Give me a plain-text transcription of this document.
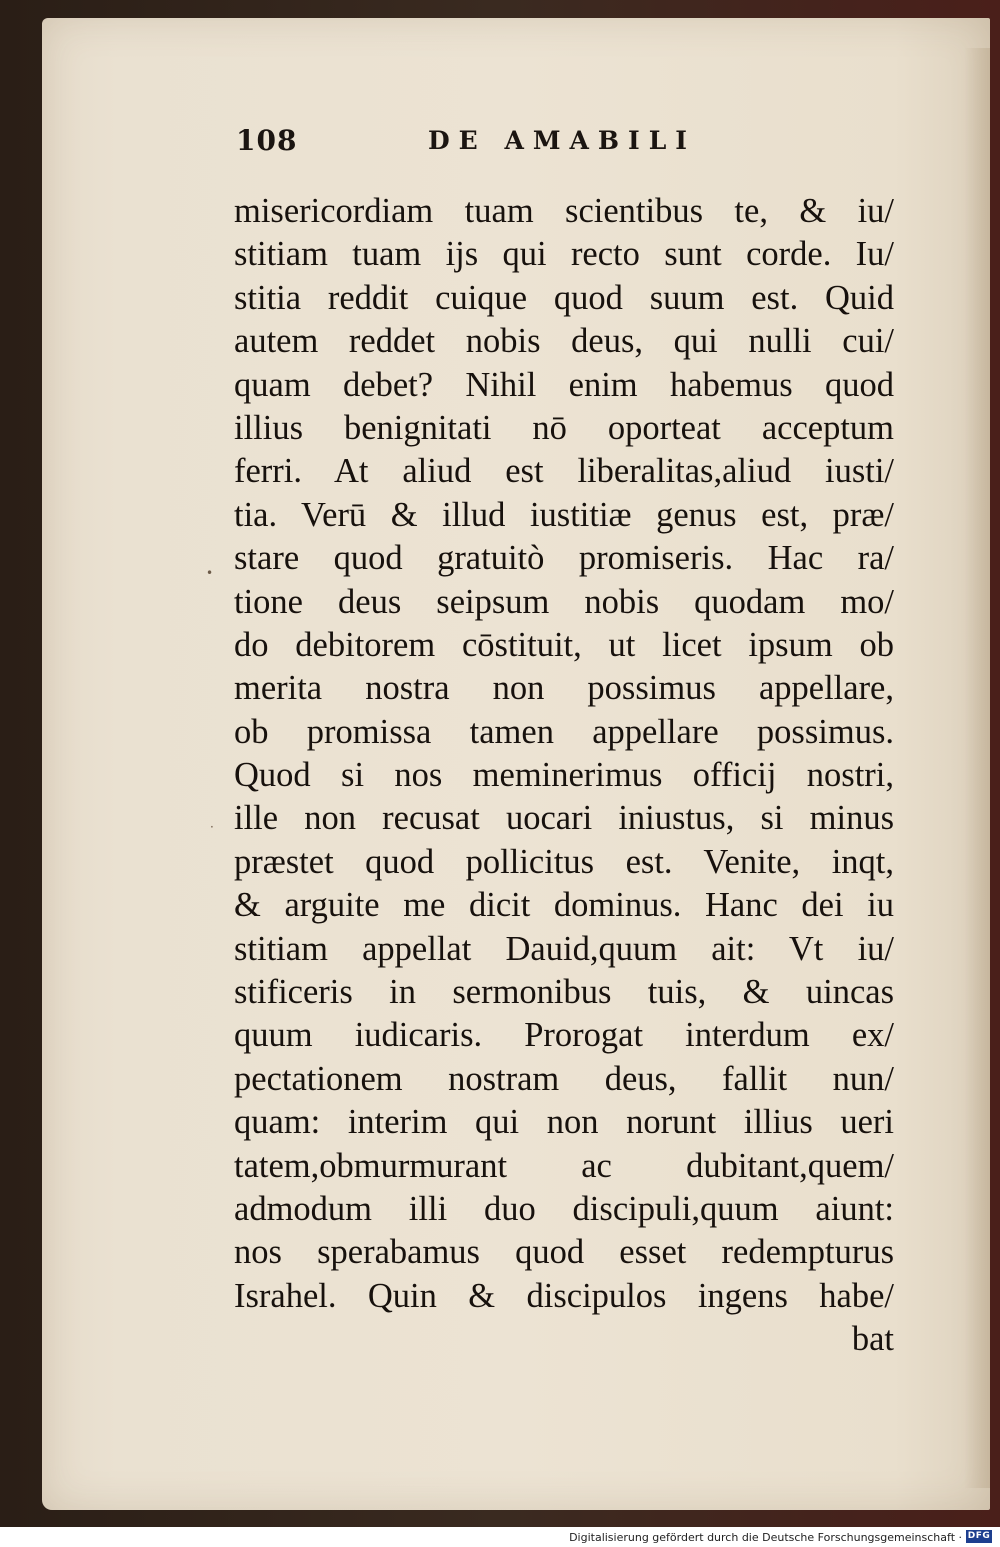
108	DE AMABILI
•
·
misericordiam tuam scientibus te, & iu/
stitiam tuam ijs qui recto sunt corde. Iu/
stitia reddit cuique quod suum est. Quid
autem reddet nobis deus, qui nulli cui/
quam debet? Nihil enim habemus quod
illius benignitati nō oporteat acceptum
ferri. At aliud est liberalitas,aliud iusti/
tia. Verū & illud iustitiæ genus est, præ/
stare quod gratuitò promiseris. Hac ra/
tione deus seipsum nobis quodam mo/
do debitorem cōstituit, ut licet ipsum ob
merita nostra non possimus appellare,
ob promissa tamen appellare possimus.
Quod si nos meminerimus officij nostri,
ille non recusat uocari iniustus, si minus
præstet quod pollicitus est. Venite, inqt,
& arguite me dicit dominus. Hanc dei iu
stitiam appellat Dauid,quum ait: Vt iu/
stificeris in sermonibus tuis, & uincas
quum iudicaris. Prorogat interdum ex/
pectationem nostram deus, fallit nun/
quam: interim qui non norunt illius ueri
tatem,obmurmurant ac dubitant,quem/
admodum illi duo discipuli,quum aiunt:
nos sperabamus quod esset redempturus
Israhel. Quin & discipulos ingens habe/
bat
Digitalisierung gefördert durch die Deutsche Forschungsgemeinschaft · DFG
